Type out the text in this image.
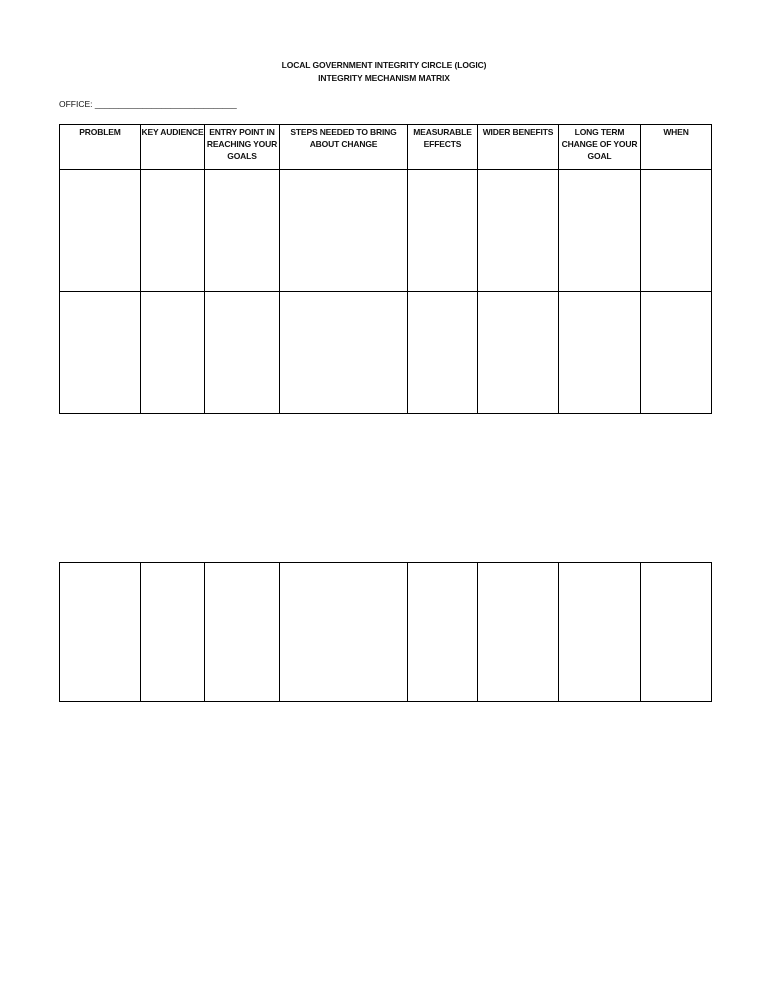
LOCAL GOVERNMENT INTEGRITY CIRCLE (LOGIC)
INTEGRITY MECHANISM MATRIX
OFFICE: ______________________________
PROBLEM	KEY AUDIENCE	ENTRY POINT IN REACHING YOUR GOALS	STEPS NEEDED TO BRING ABOUT CHANGE	MEASURABLE EFFECTS	WIDER BENEFITS	LONG TERM CHANGE OF YOUR GOAL	WHEN
